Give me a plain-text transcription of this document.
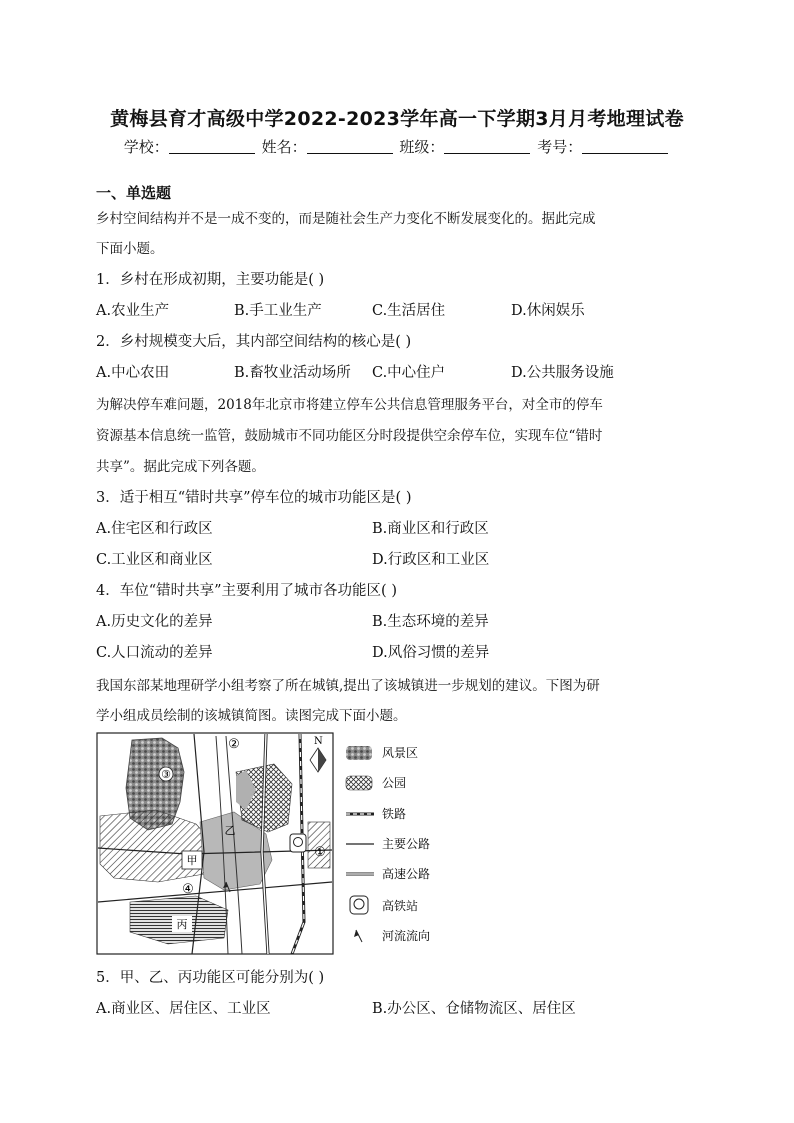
黄梅县育才高级中学2022-2023学年高一下学期3月月考地理试卷
学校：	姓名：	班级：	考号：
一、单选题
乡村空间结构并不是一成不变的，而是随社会生产力变化不断发展变化的。据此完成
下面小题。
1．乡村在形成初期，主要功能是( )
A.农业生产	B.手工业生产	C.生活居住	D.休闲娱乐
2．乡村规模变大后，其内部空间结构的核心是( )
A.中心农田	B.畜牧业活动场所 C.中心住户	D.公共服务设施
为解决停车难问题，2018年北京市将建立停车公共信息管理服务平台，对全市的停车
资源基本信息统一监管，鼓励城市不同功能区分时段提供空余停车位，实现车位“错时
共享”。据此完成下列各题。
3．适于相互“错时共享”停车位的城市功能区是( )
A.住宅区和行政区	B.商业区和行政区
C.工业区和商业区	D.行政区和工业区
4．车位“错时共享”主要利用了城市各功能区( )
A.历史文化的差异	B.生态环境的差异
C.人口流动的差异	D.风俗习惯的差异
我国东部某地理研学小组考察了所在城镇,提出了该城镇进一步规划的建议。下图为研
学小组成员绘制的该城镇简图。读图完成下面小题。
③
甲
乙
丙
④
②
①
N
风景区
公园
铁路
主要公路
高速公路
高铁站
河流流向
5．甲、乙、丙功能区可能分别为( )
A.商业区、居住区、工业区	B.办公区、仓储物流区、居住区
